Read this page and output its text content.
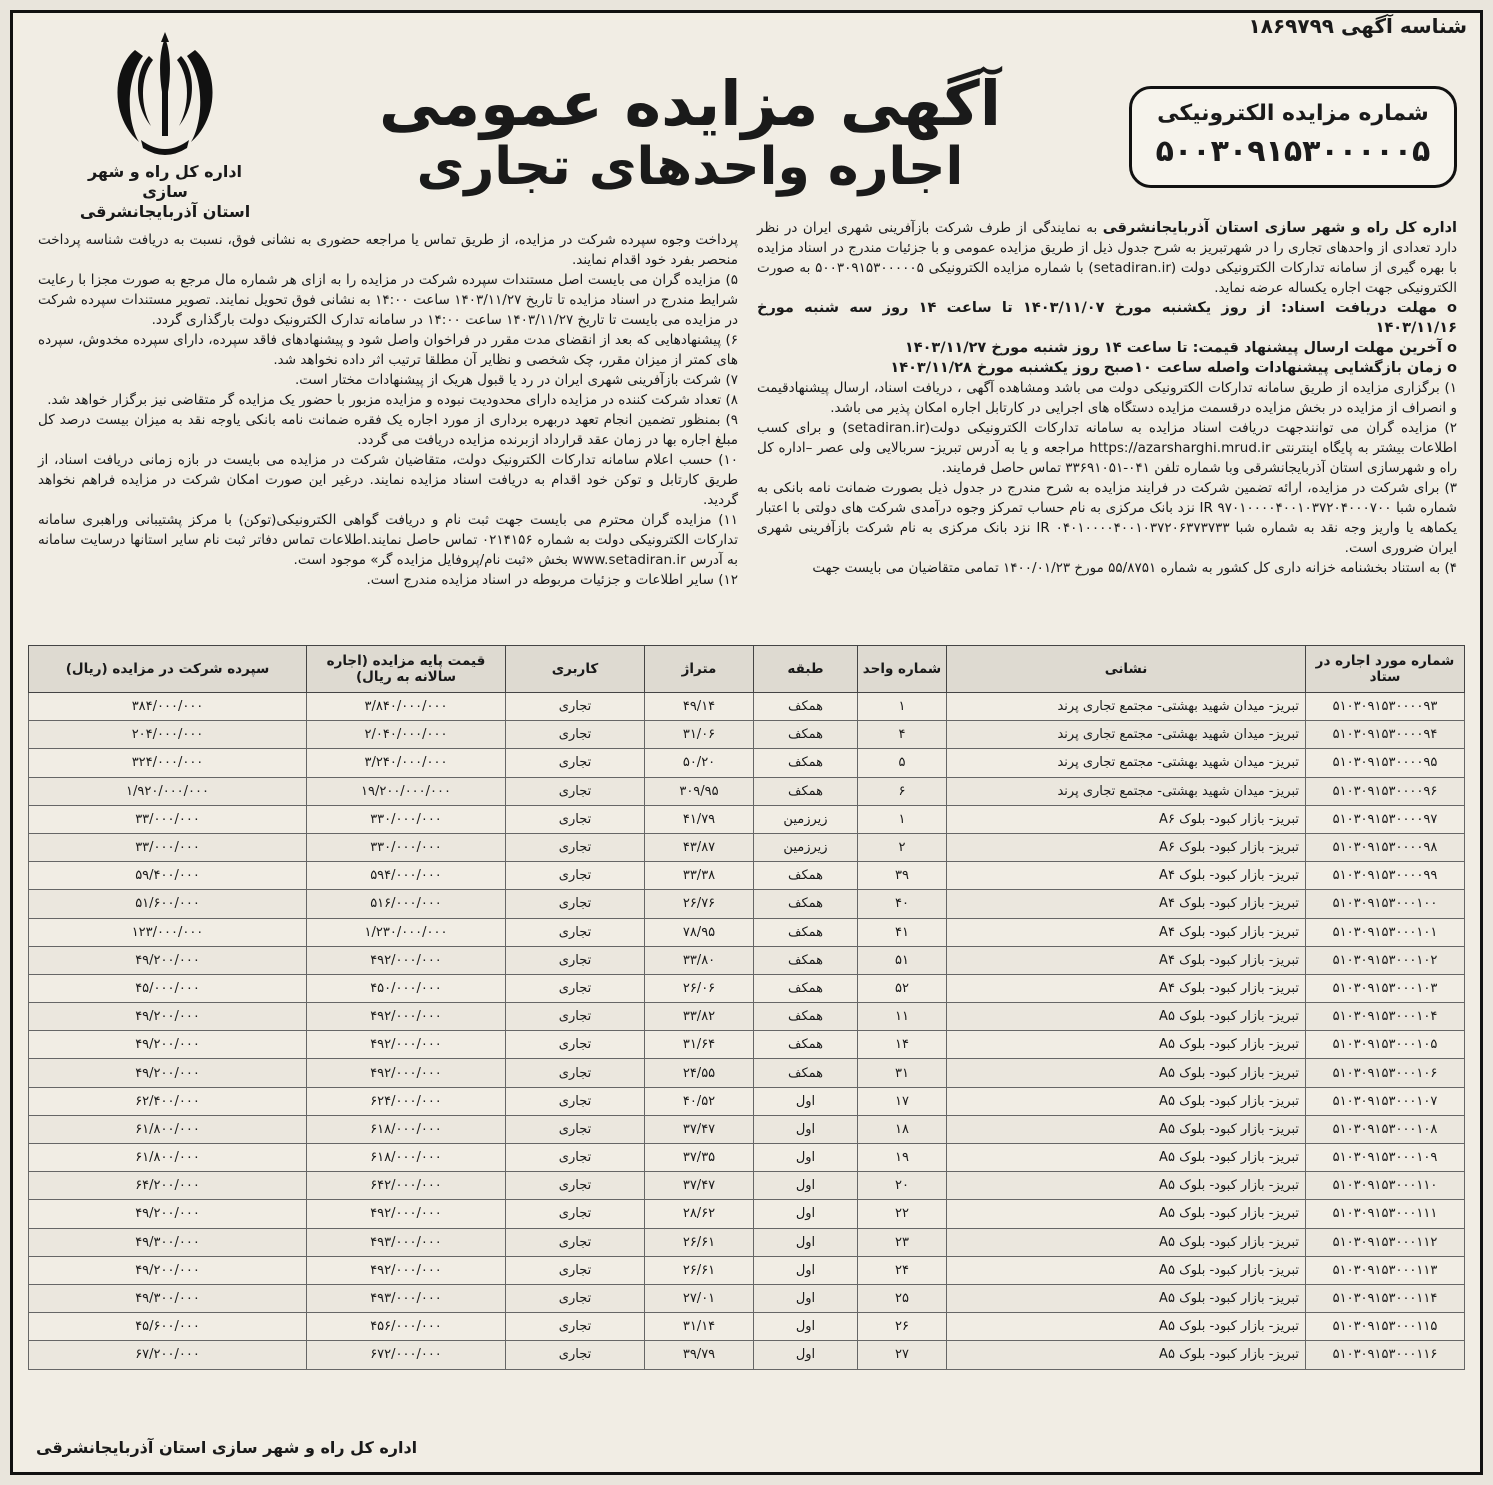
شناسه آگهی ۱۸۶۹۷۹۹
شماره مزایده الکترونیکی
۵۰۰۳۰۹۱۵۳۰۰۰۰۰۵
آگهی مزایده عمومی
اجاره واحدهای تجاری
اداره کل راه و شهر سازی
استان آذربایجانشرقی

اداره کل راه و شهر سازی استان آذربایجانشرقی به نمایندگی از طرف شرکت بازآفرینی شهری ایران در نظر دارد تعدادی از واحدهای تجاری را در شهرتبریز به شرح جدول ذیل از طریق مزایده عمومی و با جزئیات مندرج در اسناد مزایده با بهره گیری از سامانه تدارکات الکترونیکی دولت (setadiran.ir) با شماره مزایده الکترونیکی ۵۰۰۳۰۹۱۵۳۰۰۰۰۰۵ به صورت الکترونیکی جهت اجاره یکساله عرضه نماید.

o مهلت دریافت اسناد: از روز یکشنبه مورخ ۱۴۰۳/۱۱/۰۷ تا ساعت ۱۴ روز سه شنبه مورخ ۱۴۰۳/۱۱/۱۶

o آخرین مهلت ارسال پیشنهاد قیمت: تا ساعت ۱۴ روز شنبه مورخ ۱۴۰۳/۱۱/۲۷

o زمان بازگشایی پیشنهادات واصله ساعت ۱۰صبح روز یکشنبه مورخ ۱۴۰۳/۱۱/۲۸

۱) برگزاری مزایده از طریق سامانه تدارکات الکترونیکی دولت می باشد ومشاهده آگهی ، دریافت اسناد، ارسال پیشنهادقیمت و انصراف از مزایده در بخش مزایده درقسمت مزایده دستگاه های اجرایی در کارتابل اجاره امکان پذیر می باشد.

۲) مزایده گران می توانندجهت دریافت اسناد مزایده به سامانه تدارکات الکترونیکی دولت(setadiran.ir) و برای کسب اطلاعات بیشتر به پایگاه اینترنتی https://azarsharghi.mrud.ir مراجعه و یا به آدرس تبریز- سربالایی ولی عصر –اداره کل راه و شهرسازی استان آذربایجانشرقی وبا شماره تلفن ۰۴۱-۳۳۶۹۱۰۵۱ تماس حاصل فرمایند.

۳) برای شرکت در مزایده، ارائه تضمین شرکت در فرایند مزایده به شرح مندرج در جدول ذیل بصورت ضمانت نامه بانکی به شماره شبا IR ۹۷۰۱۰۰۰۰۴۰۰۱۰۳۷۲۰۴۰۰۰۷۰۰ نزد بانک مرکزی به نام حساب تمرکز وجوه درآمدی شرکت های دولتی با اعتبار یکماهه یا واریز وجه نقد به شماره شبا IR ۰۴۰۱۰۰۰۰۴۰۰۱۰۳۷۲۰۶۳۷۳۷۳۳ نزد بانک مرکزی به نام شرکت بازآفرینی شهری ایران ضروری است.

۴) به استناد بخشنامه خزانه داری کل کشور به شماره ۵۵/۸۷۵۱ مورخ ۱۴۰۰/۰۱/۲۳ تمامی متقاضیان می بایست جهت

پرداخت وجوه سپرده شرکت در مزایده، از طریق تماس یا مراجعه حضوری به نشانی فوق، نسبت به دریافت شناسه پرداخت منحصر بفرد خود اقدام نمایند.

۵) مزایده گران می بایست اصل مستندات سپرده شرکت در مزایده را به ازای هر شماره مال مرجع به صورت مجزا با رعایت شرایط مندرج در اسناد مزایده تا تاریخ ۱۴۰۳/۱۱/۲۷ ساعت ۱۴:۰۰ به نشانی فوق تحویل نمایند. تصویر مستندات سپرده شرکت در مزایده می بایست تا تاریخ ۱۴۰۳/۱۱/۲۷ ساعت ۱۴:۰۰ در سامانه تدارک الکترونیک دولت بارگذاری گردد.

۶) پیشنهادهایی که بعد از انقضای مدت مقرر در فراخوان واصل شود و پیشنهادهای فاقد سپرده، دارای سپرده مخدوش، سپرده های کمتر از میزان مقرر، چک شخصی و نظایر آن مطلقا ترتیب اثر داده نخواهد شد.

۷) شرکت بازآفرینی شهری ایران در رد یا قبول هریک از پیشنهادات مختار است.

۸) تعداد شرکت کننده در مزایده دارای محدودیت نبوده و مزایده مزبور با حضور یک مزایده گر متقاضی نیز برگزار خواهد شد.

۹) بمنظور تضمین انجام تعهد دربهره برداری از مورد اجاره یک فقره ضمانت نامه بانکی یاوجه نقد به میزان بیست درصد کل مبلغ اجاره بها در زمان عقد قرارداد ازبرنده مزایده دریافت می گردد.

۱۰) حسب اعلام سامانه تدارکات الکترونیک دولت، متقاضیان شرکت در مزایده می بایست در بازه زمانی دریافت اسناد، از طریق کارتابل و توکن خود اقدام به دریافت اسناد مزایده نمایند. درغیر این صورت امکان شرکت در مزایده فراهم نخواهد گردید.

۱۱) مزایده گران محترم می بایست جهت ثبت نام و دریافت گواهی الکترونیکی(توکن) با مرکز پشتیبانی وراهبری سامانه تدارکات الکترونیکی دولت به شماره ۰۲۱۴۱۵۶ تماس حاصل نمایند.اطلاعات تماس دفاتر ثبت نام سایر استانها درسایت سامانه به آدرس www.setadiran.ir بخش «ثبت نام/پروفایل مزایده گر» موجود است.

۱۲) سایر اطلاعات و جزئیات مربوطه در اسناد مزایده مندرج است.

شماره مورد اجاره در ستاد	نشانی	شماره واحد	طبقه	متراژ	کاربری	قیمت پایه مزایده (اجاره سالانه به ریال)	سپرده شرکت در مزایده (ریال)
۵۱۰۳۰۹۱۵۳۰۰۰۰۹۳	تبریز- میدان شهید بهشتی- مجتمع تجاری پرند	۱	همکف	۴۹/۱۴	تجاری	۳/۸۴۰/۰۰۰/۰۰۰	۳۸۴/۰۰۰/۰۰۰
۵۱۰۳۰۹۱۵۳۰۰۰۰۹۴	تبریز- میدان شهید بهشتی- مجتمع تجاری پرند	۴	همکف	۳۱/۰۶	تجاری	۲/۰۴۰/۰۰۰/۰۰۰	۲۰۴/۰۰۰/۰۰۰
۵۱۰۳۰۹۱۵۳۰۰۰۰۹۵	تبریز- میدان شهید بهشتی- مجتمع تجاری پرند	۵	همکف	۵۰/۲۰	تجاری	۳/۲۴۰/۰۰۰/۰۰۰	۳۲۴/۰۰۰/۰۰۰
۵۱۰۳۰۹۱۵۳۰۰۰۰۹۶	تبریز- میدان شهید بهشتی- مجتمع تجاری پرند	۶	همکف	۳۰۹/۹۵	تجاری	۱۹/۲۰۰/۰۰۰/۰۰۰	۱/۹۲۰/۰۰۰/۰۰۰
۵۱۰۳۰۹۱۵۳۰۰۰۰۹۷	تبریز- بازار کبود- بلوک A۶	۱	زیرزمین	۴۱/۷۹	تجاری	۳۳۰/۰۰۰/۰۰۰	۳۳/۰۰۰/۰۰۰
۵۱۰۳۰۹۱۵۳۰۰۰۰۹۸	تبریز- بازار کبود- بلوک A۶	۲	زیرزمین	۴۳/۸۷	تجاری	۳۳۰/۰۰۰/۰۰۰	۳۳/۰۰۰/۰۰۰
۵۱۰۳۰۹۱۵۳۰۰۰۰۹۹	تبریز- بازار کبود- بلوک A۴	۳۹	همکف	۳۳/۳۸	تجاری	۵۹۴/۰۰۰/۰۰۰	۵۹/۴۰۰/۰۰۰
۵۱۰۳۰۹۱۵۳۰۰۰۱۰۰	تبریز- بازار کبود- بلوک A۴	۴۰	همکف	۲۶/۷۶	تجاری	۵۱۶/۰۰۰/۰۰۰	۵۱/۶۰۰/۰۰۰
۵۱۰۳۰۹۱۵۳۰۰۰۱۰۱	تبریز- بازار کبود- بلوک A۴	۴۱	همکف	۷۸/۹۵	تجاری	۱/۲۳۰/۰۰۰/۰۰۰	۱۲۳/۰۰۰/۰۰۰
۵۱۰۳۰۹۱۵۳۰۰۰۱۰۲	تبریز- بازار کبود- بلوک A۴	۵۱	همکف	۳۳/۸۰	تجاری	۴۹۲/۰۰۰/۰۰۰	۴۹/۲۰۰/۰۰۰
۵۱۰۳۰۹۱۵۳۰۰۰۱۰۳	تبریز- بازار کبود- بلوک A۴	۵۲	همکف	۲۶/۰۶	تجاری	۴۵۰/۰۰۰/۰۰۰	۴۵/۰۰۰/۰۰۰
۵۱۰۳۰۹۱۵۳۰۰۰۱۰۴	تبریز- بازار کبود- بلوک A۵	۱۱	همکف	۳۳/۸۲	تجاری	۴۹۲/۰۰۰/۰۰۰	۴۹/۲۰۰/۰۰۰
۵۱۰۳۰۹۱۵۳۰۰۰۱۰۵	تبریز- بازار کبود- بلوک A۵	۱۴	همکف	۳۱/۶۴	تجاری	۴۹۲/۰۰۰/۰۰۰	۴۹/۲۰۰/۰۰۰
۵۱۰۳۰۹۱۵۳۰۰۰۱۰۶	تبریز- بازار کبود- بلوک A۵	۳۱	همکف	۲۴/۵۵	تجاری	۴۹۲/۰۰۰/۰۰۰	۴۹/۲۰۰/۰۰۰
۵۱۰۳۰۹۱۵۳۰۰۰۱۰۷	تبریز- بازار کبود- بلوک A۵	۱۷	اول	۴۰/۵۲	تجاری	۶۲۴/۰۰۰/۰۰۰	۶۲/۴۰۰/۰۰۰
۵۱۰۳۰۹۱۵۳۰۰۰۱۰۸	تبریز- بازار کبود- بلوک A۵	۱۸	اول	۳۷/۴۷	تجاری	۶۱۸/۰۰۰/۰۰۰	۶۱/۸۰۰/۰۰۰
۵۱۰۳۰۹۱۵۳۰۰۰۱۰۹	تبریز- بازار کبود- بلوک A۵	۱۹	اول	۳۷/۳۵	تجاری	۶۱۸/۰۰۰/۰۰۰	۶۱/۸۰۰/۰۰۰
۵۱۰۳۰۹۱۵۳۰۰۰۱۱۰	تبریز- بازار کبود- بلوک A۵	۲۰	اول	۳۷/۴۷	تجاری	۶۴۲/۰۰۰/۰۰۰	۶۴/۲۰۰/۰۰۰
۵۱۰۳۰۹۱۵۳۰۰۰۱۱۱	تبریز- بازار کبود- بلوک A۵	۲۲	اول	۲۸/۶۲	تجاری	۴۹۲/۰۰۰/۰۰۰	۴۹/۲۰۰/۰۰۰
۵۱۰۳۰۹۱۵۳۰۰۰۱۱۲	تبریز- بازار کبود- بلوک A۵	۲۳	اول	۲۶/۶۱	تجاری	۴۹۳/۰۰۰/۰۰۰	۴۹/۳۰۰/۰۰۰
۵۱۰۳۰۹۱۵۳۰۰۰۱۱۳	تبریز- بازار کبود- بلوک A۵	۲۴	اول	۲۶/۶۱	تجاری	۴۹۲/۰۰۰/۰۰۰	۴۹/۲۰۰/۰۰۰
۵۱۰۳۰۹۱۵۳۰۰۰۱۱۴	تبریز- بازار کبود- بلوک A۵	۲۵	اول	۲۷/۰۱	تجاری	۴۹۳/۰۰۰/۰۰۰	۴۹/۳۰۰/۰۰۰
۵۱۰۳۰۹۱۵۳۰۰۰۱۱۵	تبریز- بازار کبود- بلوک A۵	۲۶	اول	۳۱/۱۴	تجاری	۴۵۶/۰۰۰/۰۰۰	۴۵/۶۰۰/۰۰۰
۵۱۰۳۰۹۱۵۳۰۰۰۱۱۶	تبریز- بازار کبود- بلوک A۵	۲۷	اول	۳۹/۷۹	تجاری	۶۷۲/۰۰۰/۰۰۰	۶۷/۲۰۰/۰۰۰
اداره کل راه و شهر سازی استان آذربایجانشرقی
